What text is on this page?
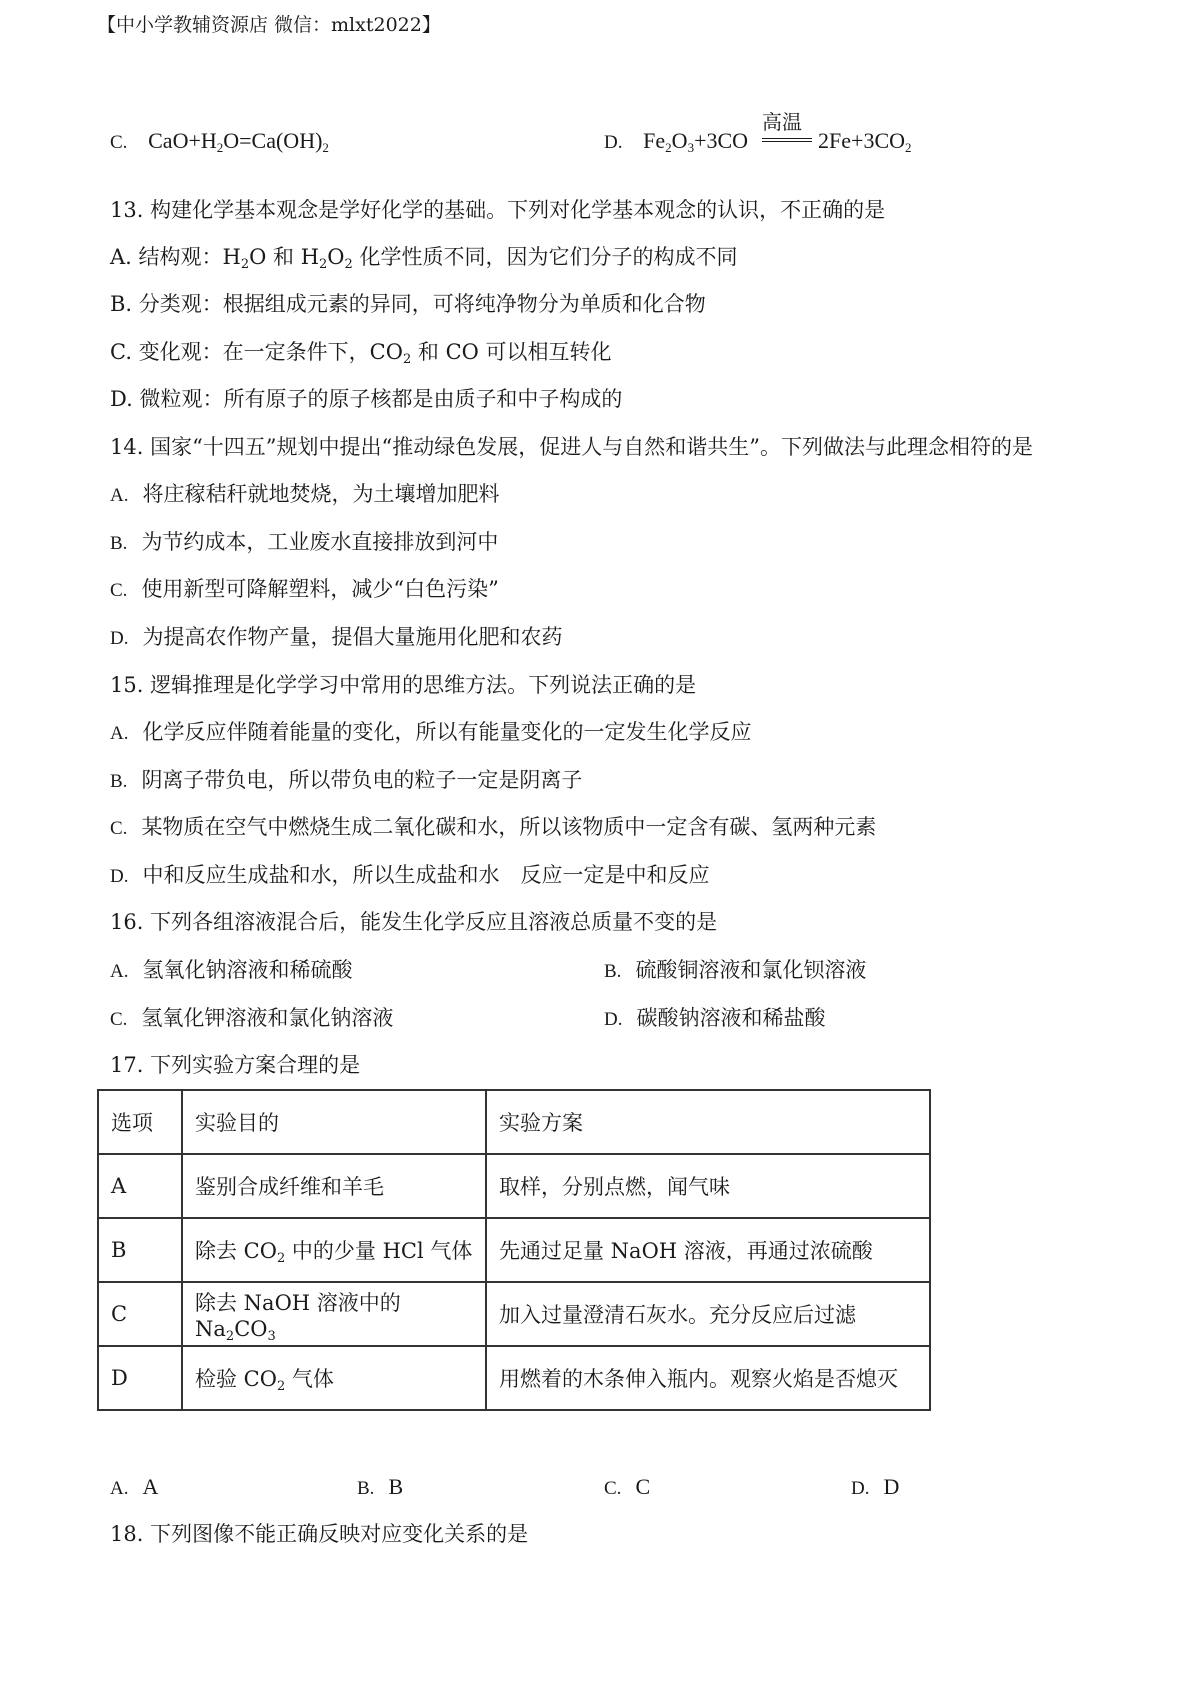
【中小学教辅资源店 微信：mlxt2022】
C. $CaO+H_2O=Ca(OH)_2$	D. $Fe_2O_3+3CO$	$2Fe+3CO_2$
高温
13. 构建化学基本观念是学好化学的基础。下列对化学基本观念的认识，不正确的是
A. 结构观：$H_2O$ 和 $H_2O_2$ 化学性质不同，因为它们分子的构成不同
B. 分类观：根据组成元素的异同，可将纯净物分为单质和化合物
C. 变化观：在一定条件下，$CO_2$ 和 CO 可以相互转化
D. 微粒观：所有原子的原子核都是由质子和中子构成的
14. 国家“十四五”规划中提出“推动绿色发展，促进人与自然和谐共生”。下列做法与此理念相符的是
A. 将庄稼秸秆就地焚烧，为土壤增加肥料
B. 为节约成本，工业废水直接排放到河中
C. 使用新型可降解塑料，减少“白色污染”
D. 为提高农作物产量，提倡大量施用化肥和农药
15. 逻辑推理是化学学习中常用的思维方法。下列说法正确的是
A. 化学反应伴随着能量的变化，所以有能量变化的一定发生化学反应
B. 阴离子带负电，所以带负电的粒子一定是阴离子
C. 某物质在空气中燃烧生成二氧化碳和水，所以该物质中一定含有碳、氢两种元素
D. 中和反应生成盐和水，所以生成盐和水　反应一定是中和反应
16. 下列各组溶液混合后，能发生化学反应且溶液总质量不变的是
A. 氢氧化钠溶液和稀硫酸	B. 硫酸铜溶液和氯化钡溶液
C. 氢氧化钾溶液和氯化钠溶液	D. 碳酸钠溶液和稀盐酸
17. 下列实验方案合理的是
选项	实验目的	实验方案
A	鉴别合成纤维和羊毛	取样，分别点燃，闻气味
B	除去 $CO_2$ 中的少量 HCl 气体	先通过足量 NaOH 溶液，再通过浓硫酸
C	除去 NaOH 溶液中的 $Na_2CO_3$	加入过量澄清石灰水。充分反应后过滤
D	检验 $CO_2$ 气体	用燃着的木条伸入瓶内。观察火焰是否熄灭
A. A	B. B	C. C	D. D
18. 下列图像不能正确反映对应变化关系的是
